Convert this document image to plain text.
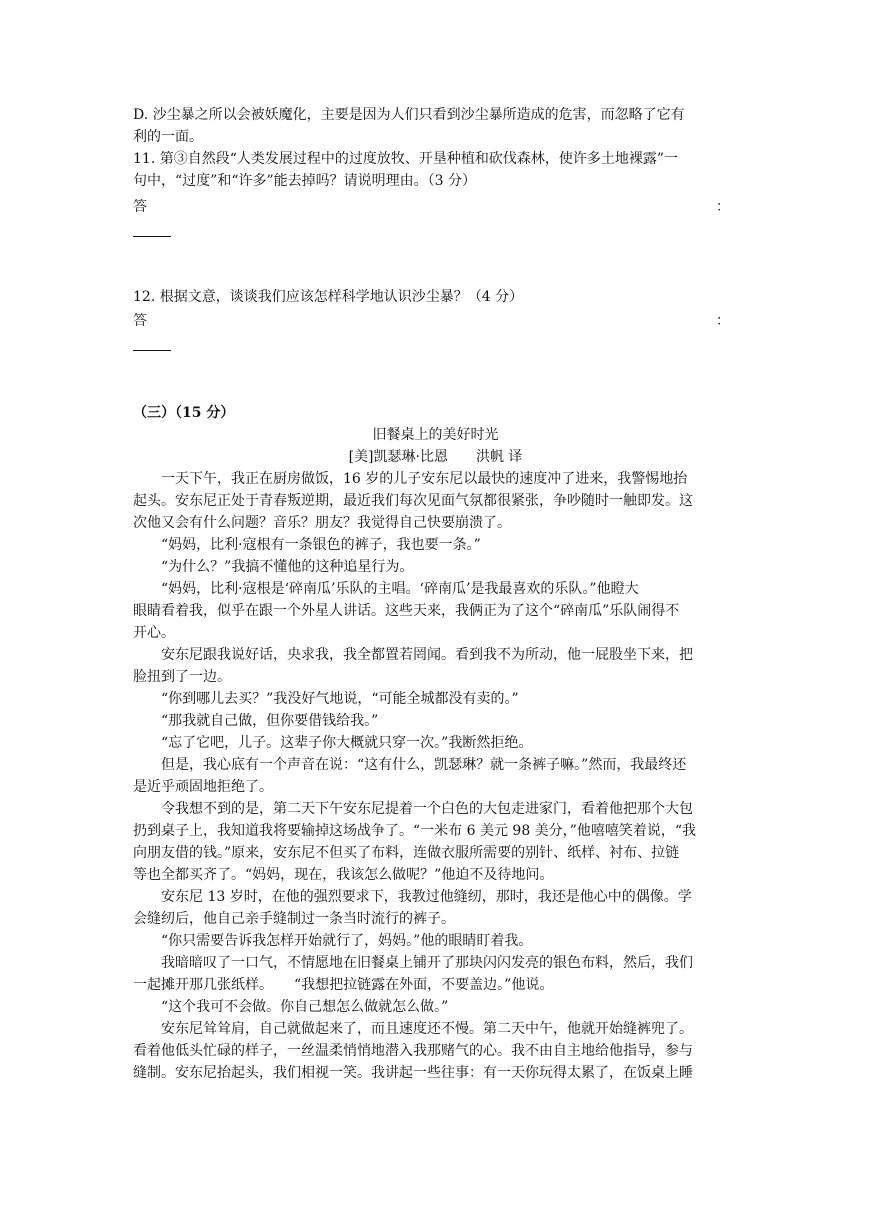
D. 沙尘暴之所以会被妖魔化，主要是因为人们只看到沙尘暴所造成的危害，而忽略了它有
利的一面。
11. 第③自然段“人类发展过程中的过度放牧、开垦种植和砍伐森林，使许多土地裸露”一
句中，“过度”和“许多”能去掉吗？请说明理由。（3 分）
答	：
12. 根据文意，谈谈我们应该怎样科学地认识沙尘暴？（4 分）
答	：
（三）（15 分）
旧餐桌上的美好时光
[美]凯瑟琳·比恩　　洪帆 译
一天下午，我正在厨房做饭，16 岁的儿子安东尼以最快的速度冲了进来，我警惕地抬
起头。安东尼正处于青春叛逆期，最近我们每次见面气氛都很紧张，争吵随时一触即发。这
次他又会有什么问题？音乐？朋友？我觉得自己快要崩溃了。
“妈妈，比利·寇根有一条银色的裤子，我也要一条。”
“为什么？”我搞不懂他的这种追星行为。
“妈妈，比利·寇根是‘碎南瓜’乐队的主唱。‘碎南瓜’是我最喜欢的乐队。”他瞪大
眼睛看着我，似乎在跟一个外星人讲话。这些天来，我俩正为了这个“碎南瓜”乐队闹得不
开心。
安东尼跟我说好话，央求我，我全都置若罔闻。看到我不为所动，他一屁股坐下来，把
脸扭到了一边。
“你到哪儿去买？”我没好气地说，“可能全城都没有卖的。”
“那我就自己做，但你要借钱给我。”
“忘了它吧，儿子。这辈子你大概就只穿一次。”我断然拒绝。
但是，我心底有一个声音在说：“这有什么，凯瑟琳？就一条裤子嘛。”然而，我最终还
是近乎顽固地拒绝了。
令我想不到的是，第二天下午安东尼提着一个白色的大包走进家门，看着他把那个大包
扔到桌子上，我知道我将要输掉这场战争了。“一米布 6 美元 98 美分，”他嘻嘻笑着说，“我
向朋友借的钱。”原来，安东尼不但买了布料，连做衣服所需要的别针、纸样、衬布、拉链
等也全都买齐了。“妈妈，现在，我该怎么做呢？”他迫不及待地问。
安东尼 13 岁时，在他的强烈要求下，我教过他缝纫，那时，我还是他心中的偶像。学
会缝纫后，他自己亲手缝制过一条当时流行的裤子。
“你只需要告诉我怎样开始就行了，妈妈。”他的眼睛盯着我。
我暗暗叹了一口气，不情愿地在旧餐桌上铺开了那块闪闪发亮的银色布料，然后，我们
一起摊开那几张纸样。　　“我想把拉链露在外面，不要盖边。”他说。
“这个我可不会做。你自己想怎么做就怎么做。”
安东尼耸耸肩，自己就做起来了，而且速度还不慢。第二天中午，他就开始缝裤兜了。
看着他低头忙碌的样子，一丝温柔悄悄地潜入我那赌气的心。我不由自主地给他指导，参与
缝制。安东尼抬起头，我们相视一笑。我讲起一些往事：有一天你玩得太累了，在饭桌上睡
